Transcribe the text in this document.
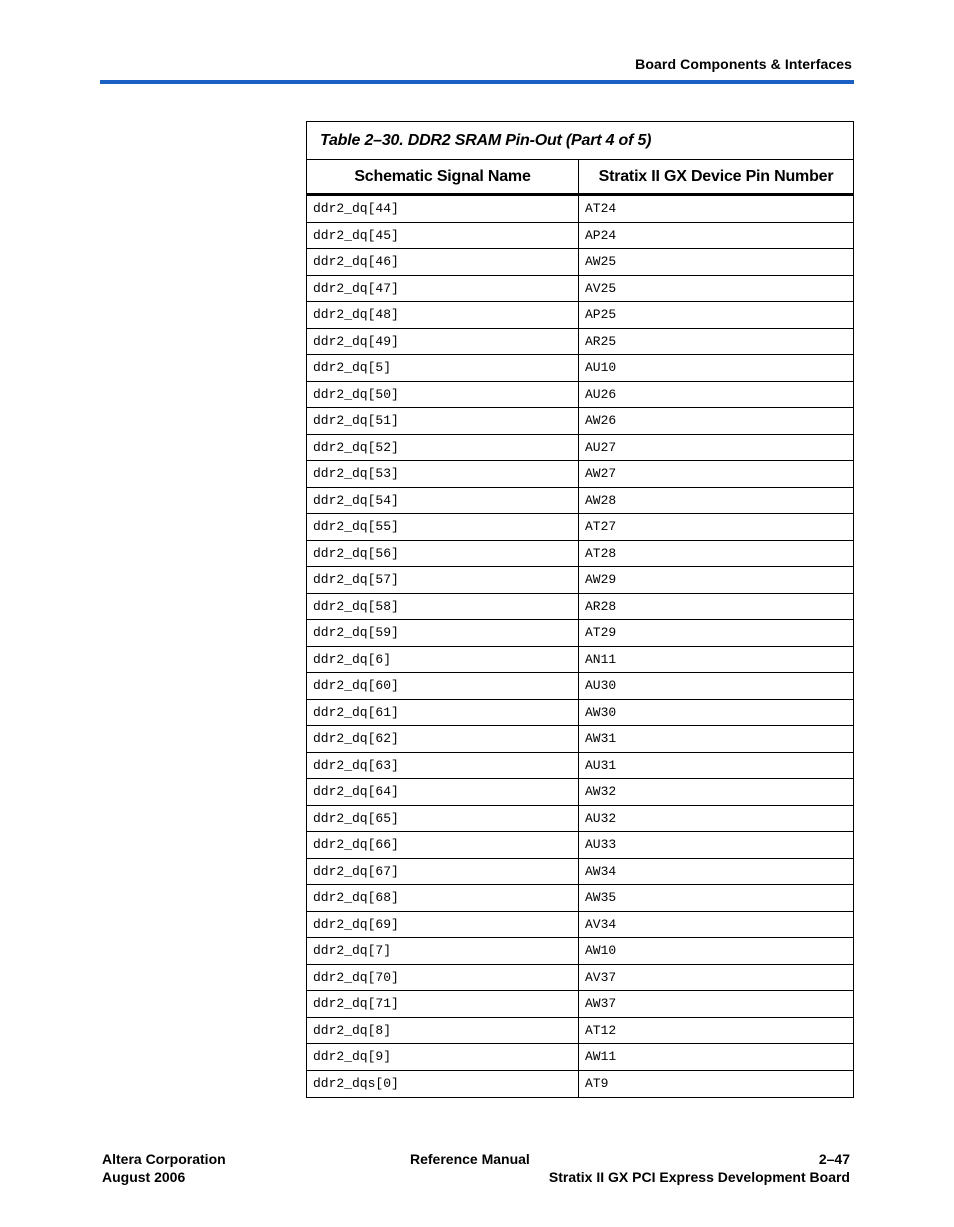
Board Components & Interfaces
Table 2–30. DDR2 SRAM Pin-Out (Part 4 of 5)
Schematic Signal Name	Stratix II GX Device Pin Number
ddr2_dq[44]	AT24
ddr2_dq[45]	AP24
ddr2_dq[46]	AW25
ddr2_dq[47]	AV25
ddr2_dq[48]	AP25
ddr2_dq[49]	AR25
ddr2_dq[5]	AU10
ddr2_dq[50]	AU26
ddr2_dq[51]	AW26
ddr2_dq[52]	AU27
ddr2_dq[53]	AW27
ddr2_dq[54]	AW28
ddr2_dq[55]	AT27
ddr2_dq[56]	AT28
ddr2_dq[57]	AW29
ddr2_dq[58]	AR28
ddr2_dq[59]	AT29
ddr2_dq[6]	AN11
ddr2_dq[60]	AU30
ddr2_dq[61]	AW30
ddr2_dq[62]	AW31
ddr2_dq[63]	AU31
ddr2_dq[64]	AW32
ddr2_dq[65]	AU32
ddr2_dq[66]	AU33
ddr2_dq[67]	AW34
ddr2_dq[68]	AW35
ddr2_dq[69]	AV34
ddr2_dq[7]	AW10
ddr2_dq[70]	AV37
ddr2_dq[71]	AW37
ddr2_dq[8]	AT12
ddr2_dq[9]	AW11
ddr2_dqs[0]	AT9
Altera Corporation
August 2006
Reference Manual	2–47
Stratix II GX PCI Express Development Board
